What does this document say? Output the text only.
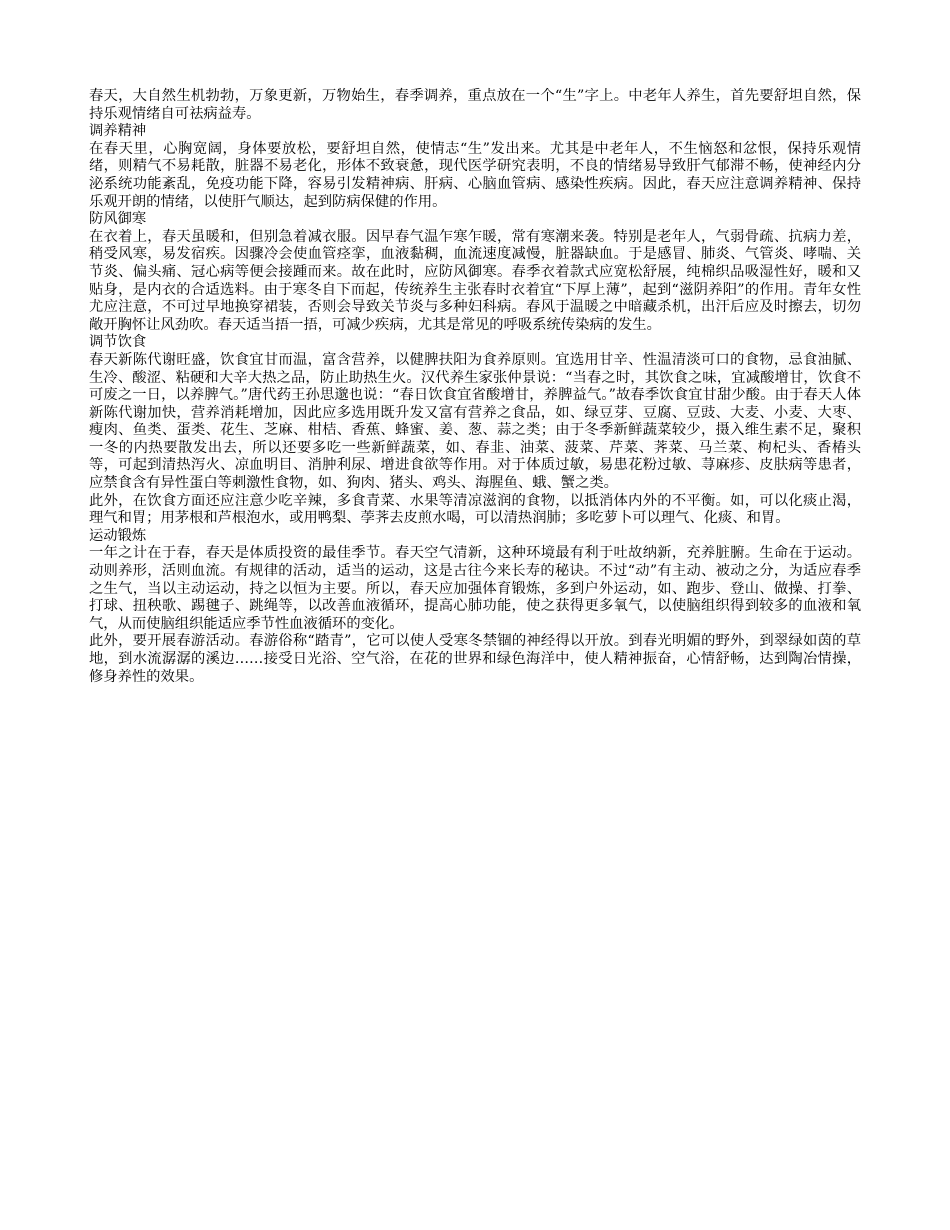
春天，大自然生机勃勃，万象更新，万物始生，春季调养，重点放在一个“生”字上。中老年人养生，首先要舒坦自然，保持乐观情绪自可祛病益寿。

调养精神

在春天里，心胸宽阔，身体要放松，要舒坦自然，使情志“生”发出来。尤其是中老年人，不生恼怒和忿恨，保持乐观情绪，则精气不易耗散，脏器不易老化，形体不致衰惫，现代医学研究表明，不良的情绪易导致肝气郁滞不畅，使神经内分泌系统功能紊乱，免疫功能下降，容易引发精神病、肝病、心脑血管病、感染性疾病。因此，春天应注意调养精神、保持乐观开朗的情绪，以使肝气顺达，起到防病保健的作用。

防风御寒

在衣着上，春天虽暖和，但别急着减衣服。因早春气温乍寒乍暖，常有寒潮来袭。特别是老年人，气弱骨疏、抗病力差，稍受风寒，易发宿疾。因骤冷会使血管痉挛，血液黏稠，血流速度减慢，脏器缺血。于是感冒、肺炎、气管炎、哮喘、关节炎、偏头痛、冠心病等便会接踵而来。故在此时，应防风御寒。春季衣着款式应宽松舒展，纯棉织品吸湿性好，暖和又贴身，是内衣的合适选料。由于寒冬自下而起，传统养生主张春时衣着宜“下厚上薄”，起到“滋阴养阳”的作用。青年女性尤应注意，不可过早地换穿裙装，否则会导致关节炎与多种妇科病。春风于温暖之中暗藏杀机，出汗后应及时擦去，切勿敞开胸怀让风劲吹。春天适当捂一捂，可减少疾病，尤其是常见的呼吸系统传染病的发生。

调节饮食

春天新陈代谢旺盛，饮食宜甘而温，富含营养，以健脾扶阳为食养原则。宜选用甘辛、性温清淡可口的食物，忌食油腻、生冷、酸涩、粘硬和大辛大热之品，防止助热生火。汉代养生家张仲景说：“当春之时，其饮食之味，宜减酸增甘，饮食不可废之一日，以养脾气。”唐代药王孙思邈也说：“春日饮食宜省酸增甘，养脾益气。”故春季饮食宜甘甜少酸。由于春天人体新陈代谢加快，营养消耗增加，因此应多选用既升发又富有营养之食品，如、绿豆芽、豆腐、豆豉、大麦、小麦、大枣、瘦肉、鱼类、蛋类、花生、芝麻、柑桔、香蕉、蜂蜜、姜、葱、蒜之类；由于冬季新鲜蔬菜较少，摄入维生素不足，聚积一冬的内热要散发出去，所以还要多吃一些新鲜蔬菜，如、春韭、油菜、菠菜、芹菜、荠菜、马兰菜、枸杞头、香椿头等，可起到清热泻火、凉血明目、消肿利尿、增进食欲等作用。对于体质过敏，易患花粉过敏、荨麻疹、皮肤病等患者，应禁食含有异性蛋白等刺激性食物，如、狗肉、猪头、鸡头、海腥鱼、蛾、蟹之类。

此外，在饮食方面还应注意少吃辛辣，多食青菜、水果等清凉滋润的食物，以抵消体内外的不平衡。如，可以化痰止渴，理气和胃；用茅根和芦根泡水，或用鸭梨、荸荠去皮煎水喝，可以清热润肺；多吃萝卜可以理气、化痰、和胃。

运动锻炼

一年之计在于春，春天是体质投资的最佳季节。春天空气清新，这种环境最有利于吐故纳新，充养脏腑。生命在于运动。动则养形，活则血流。有规律的活动，适当的运动，这是古往今来长寿的秘诀。不过“动”有主动、被动之分，为适应春季之生气，当以主动运动，持之以恒为主要。所以，春天应加强体育锻炼，多到户外运动，如、跑步、登山、做操、打拳、打球、扭秧歌、踢毽子、跳绳等，以改善血液循环，提高心肺功能，使之获得更多氧气，以使脑组织得到较多的血液和氧气，从而使脑组织能适应季节性血液循环的变化。

此外，要开展春游活动。春游俗称“踏青”，它可以使人受寒冬禁锢的神经得以开放。到春光明媚的野外，到翠绿如茵的草地，到水流潺潺的溪边……接受日光浴、空气浴，在花的世界和绿色海洋中，使人精神振奋，心情舒畅，达到陶冶情操，修身养性的效果。
